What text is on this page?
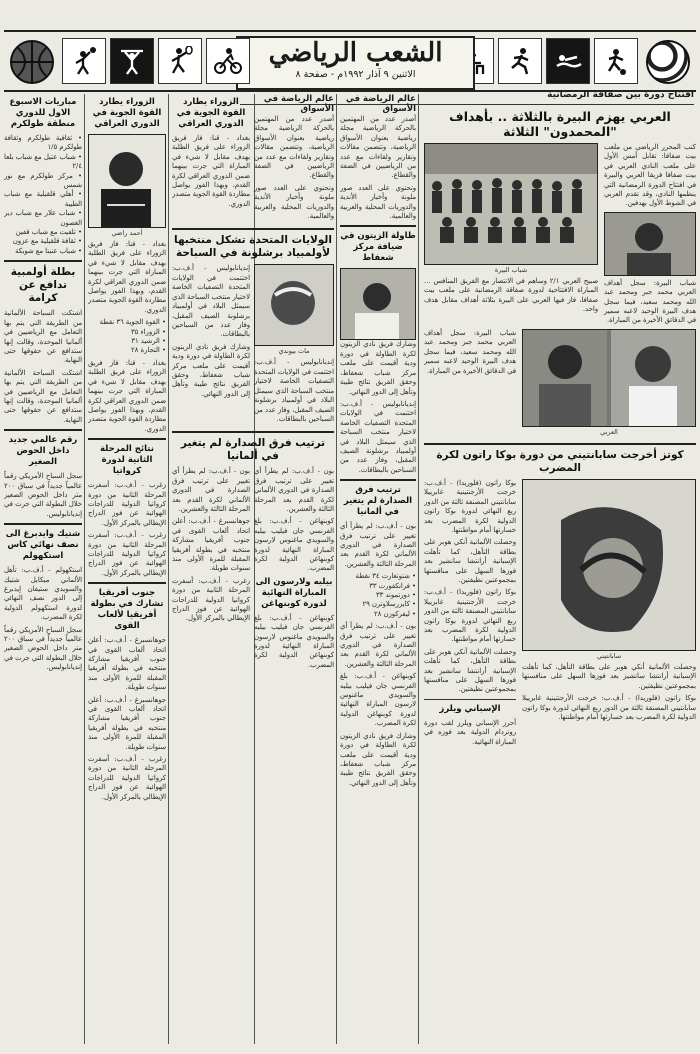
الشعب الرياضي
الاثنين ٩ آذار ١٩٩٢م - صفحة ٨
افتتاح دورة بين صفاقة الرمضانية
العربي يهزم البيرة بالثلاثة .. بأهداف "المحمدون" الثلاثة

كتب المحرر الرياضي من ملعب بيت صفافا: تقابل أمس الأول على ملعب النادي العربي في بيت صفافا فريقا العربي والبيرة في افتتاح الدورة الرمضانية التي ينظمها النادي، وقد تقدم العربي في الشوط الأول بهدفين.

شباب البيرة: سجل أهداف العربي محمد جبر ومحمد عبد الله ومحمد سعيد، فيما سجل هدف البيرة الوحيد لاعبه سمير في الدقائق الأخيرة من المباراة.

شباب البيرة

صبيح العربي ٢/١ وساهم في الانتصار مع الفريق المنافس ... المباراة الافتتاحية لدورة صفاقة الرمضانية على ملعب بيت صفافا، فاز فيها العربي على البيرة بثلاثة أهداف مقابل هدف واحد.

العربي

شباب البيرة: سجل أهداف العربي محمد جبر ومحمد عبد الله ومحمد سعيد، فيما سجل هدف البيرة الوحيد لاعبه سمير في الدقائق الأخيرة من المباراة.

كوتز أخرجت سابانتيني من دورة بوكا راتون لكرة المضرب
سابانتيني

وحصلت الألمانية أنكي هوبر على بطاقة التأهل، كما تأهلت الإسبانية أرانتشا سانشيز بعد فوزها السهل على منافستها بمجموعتين نظيفتين.

بوكا راتون (فلوريدا) - أ.ف.ب: خرجت الأرجنتينية غابرييلا سابانتيني المصنفة ثالثة من الدور ربع النهائي لدورة بوكا راتون الدولية لكرة المضرب بعد خسارتها أمام مواطنتها.

بوكا راتون (فلوريدا) - أ.ف.ب: خرجت الأرجنتينية غابرييلا سابانتيني المصنفة ثالثة من الدور ربع النهائي لدورة بوكا راتون الدولية لكرة المضرب بعد خسارتها أمام مواطنتها.

وحصلت الألمانية أنكي هوبر على بطاقة التأهل، كما تأهلت الإسبانية أرانتشا سانشيز بعد فوزها السهل على منافستها بمجموعتين نظيفتين.

بوكا راتون (فلوريدا) - أ.ف.ب: خرجت الأرجنتينية غابرييلا سابانتيني المصنفة ثالثة من الدور ربع النهائي لدورة بوكا راتون الدولية لكرة المضرب بعد خسارتها أمام مواطنتها.

وحصلت الألمانية أنكي هوبر على بطاقة التأهل، كما تأهلت الإسبانية أرانتشا سانشيز بعد فوزها السهل على منافستها بمجموعتين نظيفتين.

الإسباني ويلرز

أحرز الإسباني ويلرز لقب دورة روتردام الدولية بعد فوزه في المباراة النهائية.

عالم الرياضة في الأسواق

أصدر عدد من المهتمين بالحركة الرياضية مجلة رياضية بعنوان الأسواق الرياضية، وتتضمن مقالات وتقارير ولقاءات مع عدد من الرياضيين في الضفة والقطاع.

وتحتوي على العدد صور ملونة وأخبار الأندية والدوريات المحلية والعربية والعالمية.

طاولة الزيتون في ضيافة مركز شعفاط

وشارك فريق نادي الزيتون لكرة الطاولة في دورة ودية أقيمت على ملعب مركز شباب شعفاط، وحقق الفريق نتائج طيبة وتأهل إلى الدور النهائي.

إنديانابوليس - أ.ف.ب: اختتمت في الولايات المتحدة التصفيات الخاصة لاختيار منتخب السباحة الذي سيمثل البلاد في أولمبياد برشلونة الصيف المقبل، وفاز عدد من السباحين بالبطاقات.

ترتيب فرق الصدارة لم يتغير في ألمانيا

بون - أ.ف.ب: لم يطرأ أي تغيير على ترتيب فرق الصدارة في الدوري الألماني لكرة القدم بعد المرحلة الثالثة والعشرين.

• شتوتغارت ٣٤ نقطة
• فرانكفورت ٣٣
• دورتموند ٣٣
• كايزرسلاوترن ٢٩
• ليفركوزن ٢٨

بون - أ.ف.ب: لم يطرأ أي تغيير على ترتيب فرق الصدارة في الدوري الألماني لكرة القدم بعد المرحلة الثالثة والعشرين.

كوبنهاغن - أ.ف.ب: بلغ الفرنسي جان فيليب بيليه والسويدي ماغنوس لارسون المباراة النهائية لدورة كوبنهاغن الدولية لكرة المضرب.

وشارك فريق نادي الزيتون لكرة الطاولة في دورة ودية أقيمت على ملعب مركز شباب شعفاط، وحقق الفريق نتائج طيبة وتأهل إلى الدور النهائي.

عالم الرياضة في الأسواق

أصدر عدد من المهتمين بالحركة الرياضية مجلة رياضية بعنوان الأسواق الرياضية، وتتضمن مقالات وتقارير ولقاءات مع عدد من الرياضيين في الضفة والقطاع.

وتحتوي على العدد صور ملونة وأخبار الأندية والدوريات المحلية والعربية والعالمية.

الزوراء يطارد القوة الجوية في الدوري العراقي

بغداد - قنا: فاز فريق الزوراء على فريق الطلبة بهدف مقابل لا شيء في المباراة التي جرت بينهما ضمن الدوري العراقي لكرة القدم، وبهذا الفوز يواصل مطاردة القوة الجوية متصدر الدوري.

الولايات المتحدة تشكل منتخبها لأولمبياد برشلونة في السباحة
مات بيوندي

إنديانابوليس - أ.ف.ب: اختتمت في الولايات المتحدة التصفيات الخاصة لاختيار منتخب السباحة الذي سيمثل البلاد في أولمبياد برشلونة الصيف المقبل، وفاز عدد من السباحين بالبطاقات.

إنديانابوليس - أ.ف.ب: اختتمت في الولايات المتحدة التصفيات الخاصة لاختيار منتخب السباحة الذي سيمثل البلاد في أولمبياد برشلونة الصيف المقبل، وفاز عدد من السباحين بالبطاقات.

وشارك فريق نادي الزيتون لكرة الطاولة في دورة ودية أقيمت على ملعب مركز شباب شعفاط، وحقق الفريق نتائج طيبة وتأهل إلى الدور النهائي.

ترتيب فرق الصدارة لم يتغير في ألمانيا

بون - أ.ف.ب: لم يطرأ أي تغيير على ترتيب فرق الصدارة في الدوري الألماني لكرة القدم بعد المرحلة الثالثة والعشرين.

كوبنهاغن - أ.ف.ب: بلغ الفرنسي جان فيليب بيليه والسويدي ماغنوس لارسون المباراة النهائية لدورة كوبنهاغن الدولية لكرة المضرب.

بيليه ولارسون الى المباراة النهائية لدورة كوبنهاغن

كوبنهاغن - أ.ف.ب: بلغ الفرنسي جان فيليب بيليه والسويدي ماغنوس لارسون المباراة النهائية لدورة كوبنهاغن الدولية لكرة المضرب.

بون - أ.ف.ب: لم يطرأ أي تغيير على ترتيب فرق الصدارة في الدوري الألماني لكرة القدم بعد المرحلة الثالثة والعشرين.

جوهانسبرغ - أ.ف.ب: أعلن اتحاد ألعاب القوى في جنوب أفريقيا مشاركة منتخبه في بطولة أفريقيا المقبلة للمرة الأولى منذ سنوات طويلة.

زغرب - أ.ف.ب: أسفرت المرحلة الثانية من دورة كرواتيا الدولية للدراجات الهوائية عن فوز الدراج الإيطالي بالمركز الأول.

الزوراء يطارد القوة الجوية في الدوري العراقي
أحمد راضي

بغداد - قنا: فاز فريق الزوراء على فريق الطلبة بهدف مقابل لا شيء في المباراة التي جرت بينهما ضمن الدوري العراقي لكرة القدم، وبهذا الفوز يواصل مطاردة القوة الجوية متصدر الدوري.

• القوة الجوية ٣٦ نقطة
• الزوراء ٣٥
• الرشيد ٣١
• التجارة ٢٨

بغداد - قنا: فاز فريق الزوراء على فريق الطلبة بهدف مقابل لا شيء في المباراة التي جرت بينهما ضمن الدوري العراقي لكرة القدم، وبهذا الفوز يواصل مطاردة القوة الجوية متصدر الدوري.

نتائج المرحلة الثانية لدورة كرواتيا

زغرب - أ.ف.ب: أسفرت المرحلة الثانية من دورة كرواتيا الدولية للدراجات الهوائية عن فوز الدراج الإيطالي بالمركز الأول.

زغرب - أ.ف.ب: أسفرت المرحلة الثانية من دورة كرواتيا الدولية للدراجات الهوائية عن فوز الدراج الإيطالي بالمركز الأول.

جنوب أفريقيا تشارك في بطولة أفريقيا لألعاب القوى

جوهانسبرغ - أ.ف.ب: أعلن اتحاد ألعاب القوى في جنوب أفريقيا مشاركة منتخبه في بطولة أفريقيا المقبلة للمرة الأولى منذ سنوات طويلة.

جوهانسبرغ - أ.ف.ب: أعلن اتحاد ألعاب القوى في جنوب أفريقيا مشاركة منتخبه في بطولة أفريقيا المقبلة للمرة الأولى منذ سنوات طويلة.

زغرب - أ.ف.ب: أسفرت المرحلة الثانية من دورة كرواتيا الدولية للدراجات الهوائية عن فوز الدراج الإيطالي بالمركز الأول.

مباريات الاسبوع الاول للدوري منطقة طولكرم
• ثقافية طولكرم وثقافة طولكرم ١/٥
• شباب عتيل مع شباب بلعا ٢/٤
• مركز طولكرم مع نور شمس
• أهلي قلقيلية مع شباب الطيبة
• شباب علار مع شباب دير الغصون
• تلفيت مع شباب قفين
• ثقافة قلقيلية مع عزون
• شباب عنبتا مع شويكة
بطلة أولمبية تدافع عن كرامة

اشتكت السباحة الألمانية من الطريقة التي يتم بها التعامل مع الرياضيين في ألمانيا الموحدة، وقالت إنها ستدافع عن حقوقها حتى النهاية.

اشتكت السباحة الألمانية من الطريقة التي يتم بها التعامل مع الرياضيين في ألمانيا الموحدة، وقالت إنها ستدافع عن حقوقها حتى النهاية.

رقم عالمي جديد داخل الحوض الصغير

سجل السباح الأمريكي رقماً عالمياً جديداً في سباق ٢٠٠ متر داخل الحوض الصغير خلال البطولة التي جرت في إنديانابوليس.

شتيك وايدبرغ الى نصف نهائي كاس استكهولم

استكهولم - أ.ف.ب: تأهل الألماني ميكايل شتيك والسويدي ستيفان إيدبرغ إلى الدور نصف النهائي لدورة استكهولم الدولية لكرة المضرب.

سجل السباح الأمريكي رقماً عالمياً جديداً في سباق ٢٠٠ متر داخل الحوض الصغير خلال البطولة التي جرت في إنديانابوليس.
